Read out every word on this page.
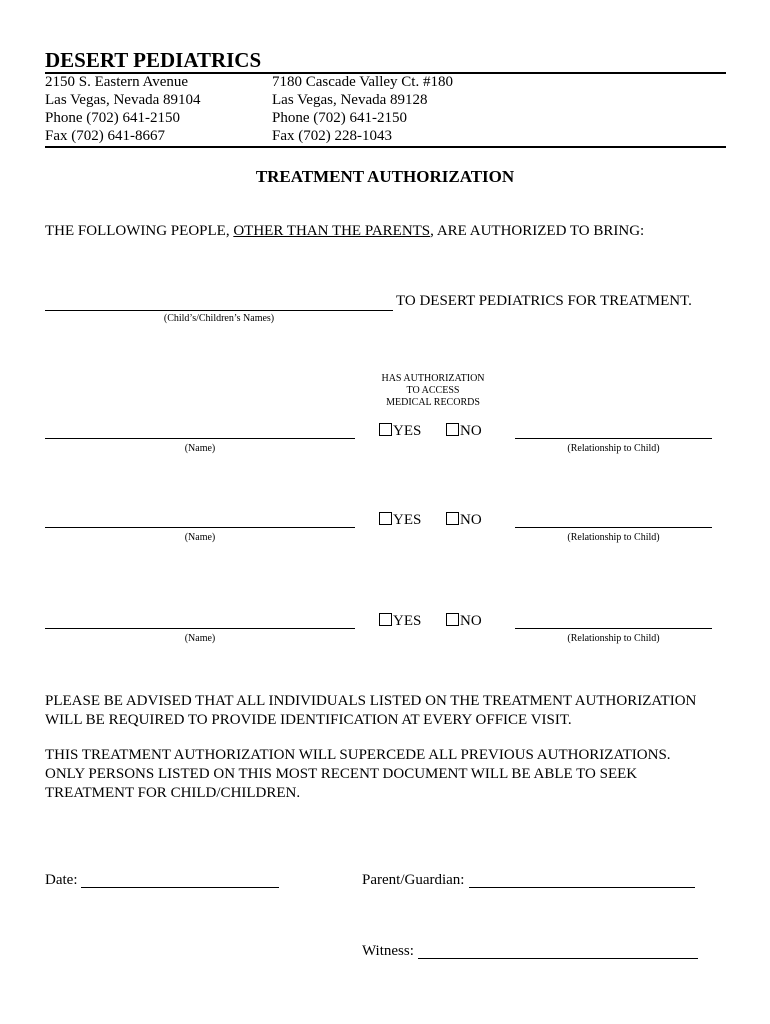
DESERT PEDIATRICS
2150 S. Eastern Avenue
Las Vegas, Nevada 89104
Phone (702) 641-2150
Fax (702) 641-8667
7180 Cascade Valley Ct. #180
Las Vegas, Nevada 89128
Phone (702) 641-2150
Fax (702) 228-1043
TREATMENT AUTHORIZATION
THE FOLLOWING PEOPLE, OTHER THAN THE PARENTS, ARE AUTHORIZED TO BRING:
TO DESERT PEDIATRICS FOR TREATMENT.
(Child’s/Children’s Names)
HAS AUTHORIZATION
TO ACCESS
MEDICAL RECORDS
YES	NO
(Name)	(Relationship to Child)
YES	NO
(Name)	(Relationship to Child)
YES	NO
(Name)	(Relationship to Child)
PLEASE BE ADVISED THAT ALL INDIVIDUALS LISTED ON THE TREATMENT AUTHORIZATION
WILL BE REQUIRED TO PROVIDE IDENTIFICATION AT EVERY OFFICE VISIT.
THIS TREATMENT AUTHORIZATION WILL SUPERCEDE ALL PREVIOUS AUTHORIZATIONS.
ONLY PERSONS LISTED ON THIS MOST RECENT DOCUMENT WILL BE ABLE TO SEEK
TREATMENT FOR CHILD/CHILDREN.
Date:	Parent/Guardian:
Witness:
